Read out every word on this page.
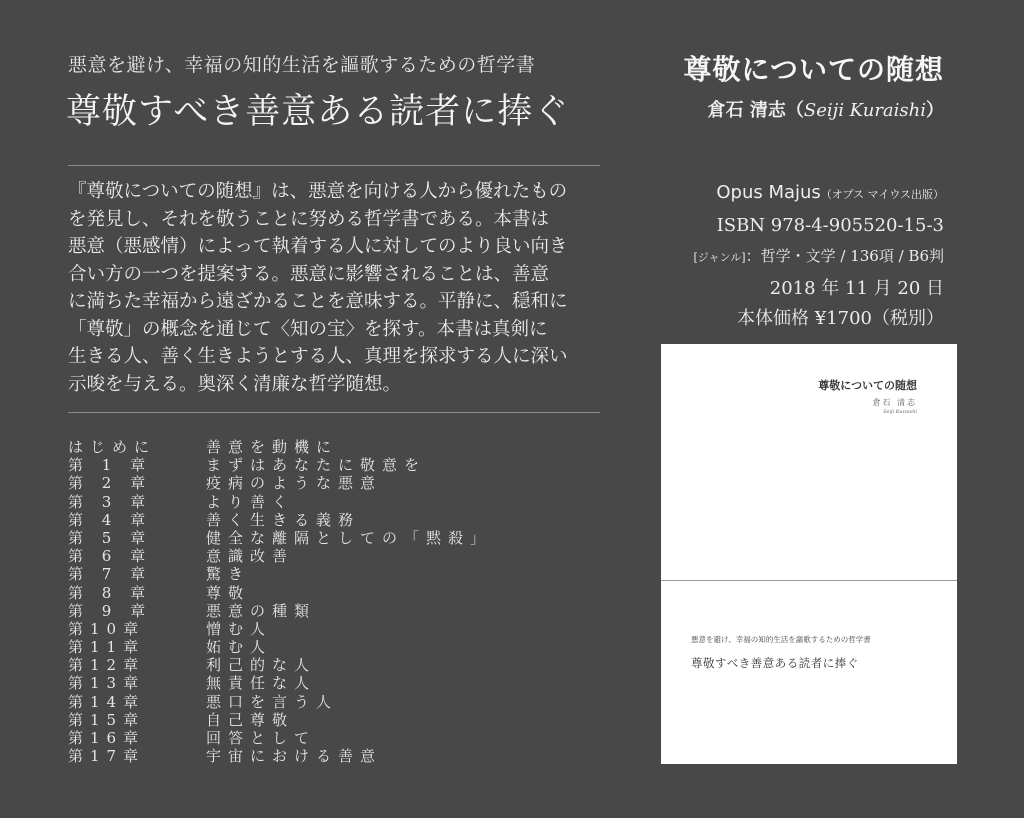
悪意を避け、幸福の知的生活を謳歌するための哲学書
尊敬すべき善意ある読者に捧ぐ
『尊敬についての随想』は、悪意を向ける人から優れたもの
を発見し、それを敬うことに努める哲学書である。本書は
悪意（悪感情）によって執着する人に対してのより良い向き
合い方の一つを提案する。悪意に影響されることは、善意
に満ちた幸福から遠ざかることを意味する。平静に、穏和に
「尊敬」の概念を通じて〈知の宝〉を探す。本書は真剣に
生きる人、善く生きようとする人、真理を探求する人に深い
示唆を与える。奥深く清廉な哲学随想。
はじめに	善意を動機に
第 1 章	まずはあなたに敬意を
第 2 章	疫病のような悪意
第 3 章	より善く
第 4 章	善く生きる義務
第 5 章	健全な離隔としての「黙殺」
第 6 章	意識改善
第 7 章	驚き
第 8 章	尊敬
第 9 章	悪意の種類
第10章	憎む人
第11章	妬む人
第12章	利己的な人
第13章	無責任な人
第14章	悪口を言う人
第15章	自己尊敬
第16章	回答として
第17章	宇宙における善意
尊敬についての随想
倉石 清志（Seiji Kuraishi）
Opus Majus（オプス マイウス出版）
ISBN 978-4-905520-15-3
[ジャンル]：哲学・文学 / 136項 / B6判
2018 年 11 月 20 日
本体価格 ¥1700（税別）
尊敬についての随想
倉石 清志
Seiji Kuraishi
悪意を避け、幸福の知的生活を謳歌するための哲学書
尊敬すべき善意ある読者に捧ぐ
